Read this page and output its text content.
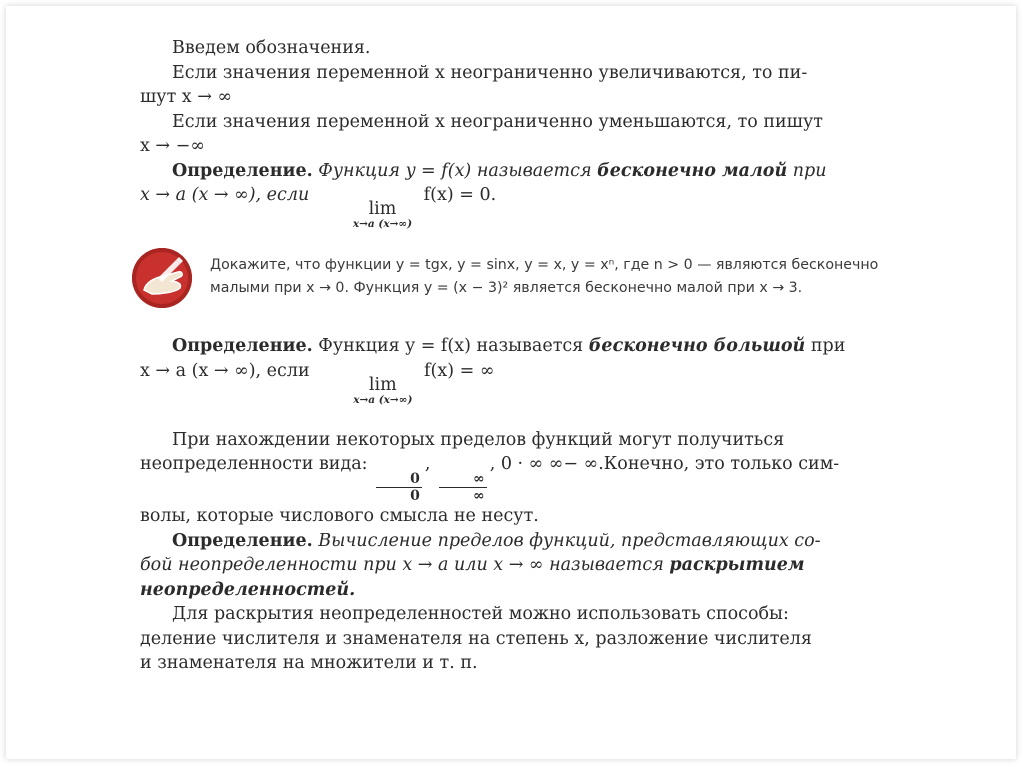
Введем обозначения.

Если значения переменной x неограниченно увеличиваются, то пи-
шут x → ∞

Если значения переменной x неограниченно уменьшаются, то пишут
x → −∞

Определение. Функция y = f(x) называется бесконечно малой при
x → a (x → ∞), если
lim
x→a (x→∞)
f(x) = 0.

Докажите, что функции y = tgx, y = sinx, y = x, y = xⁿ, где n > 0 — являются бесконечно
малыми при x → 0. Функция y = (x − 3)² является бесконечно малой при x → 3.

Определение. Функция y = f(x) называется бесконечно большой при
x → a (x → ∞), если
lim
x→a (x→∞)
f(x) = ∞

При нахождении некоторых пределов функций могут получиться
неопределенности вида:
$\frac{0}{0}$
,
$\frac{\infty}{\infty}$
, 0 · ∞ ∞− ∞.Конечно, это только сим-
волы, которые числового смысла не несут.

Определение. Вычисление пределов функций, представляющих со-
бой неопределенности при x → a или x → ∞ называется раскрытием
неопределенностей.

Для раскрытия неопределенностей можно использовать способы:
деление числителя и знаменателя на степень x, разложение числителя
и знаменателя на множители и т. п.
